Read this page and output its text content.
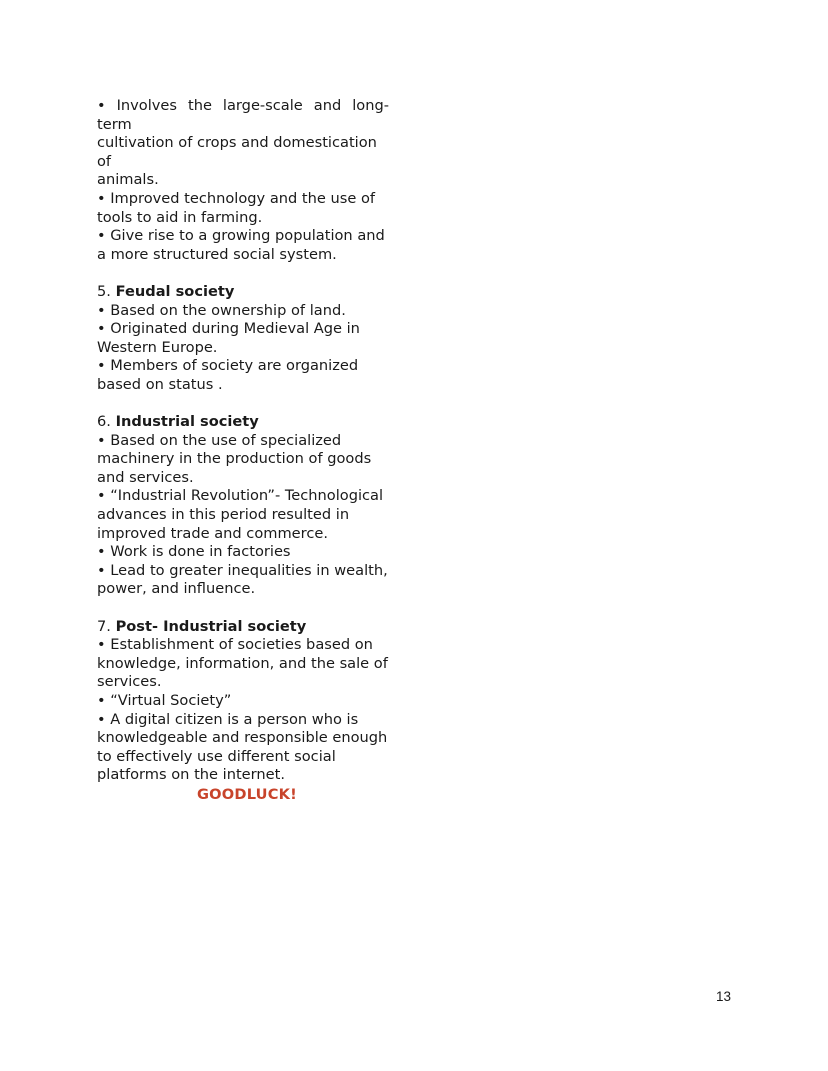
• Involves the large-scale and long-term
cultivation of crops and domestication
of
animals.
• Improved technology and the use of
tools to aid in farming.
• Give rise to a growing population and
a more structured social system.
5. Feudal society
• Based on the ownership of land.
• Originated during Medieval Age in
Western Europe.
• Members of society are organized
based on status .
6. Industrial society
• Based on the use of specialized
machinery in the production of goods
and services.
• “Industrial Revolution”- Technological
advances in this period resulted in
improved trade and commerce.
• Work is done in factories
• Lead to greater inequalities in wealth,
power, and influence.
7. Post- Industrial society
• Establishment of societies based on
knowledge, information, and the sale of
services.
• “Virtual Society”
• A digital citizen is a person who is
knowledgeable and responsible enough
to effectively use different social
platforms on the internet.
GOODLUCK!
13
